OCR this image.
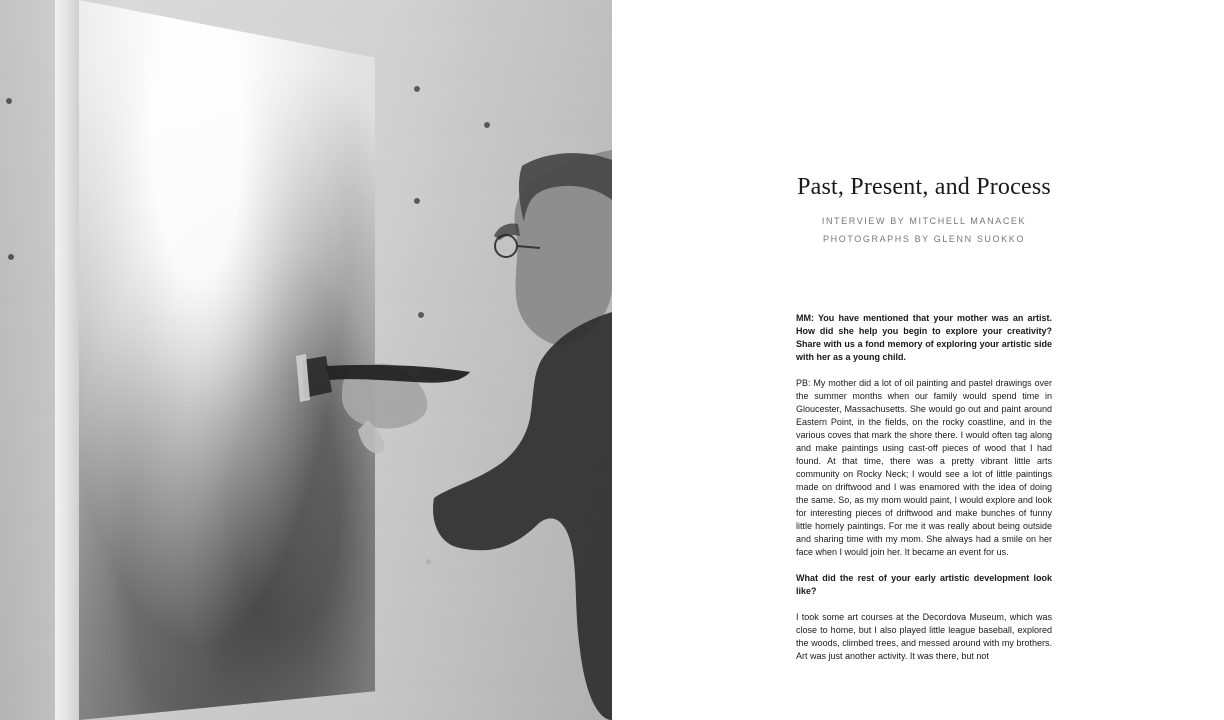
Past, Present, and Process
INTERVIEW BY MITCHELL MANACEK
PHOTOGRAPHS BY GLENN SUOKKO

MM: You have mentioned that your mother was an artist. How did she help you begin to explore your creativity? Share with us a fond memory of exploring your artistic side with her as a young child.

PB: My mother did a lot of oil painting and pastel drawings over the summer months when our family would spend time in Gloucester, Massachusetts. She would go out and paint around Eastern Point, in the fields, on the rocky coastline, and in the various coves that mark the shore there. I would often tag along and make paintings using cast-off pieces of wood that I had found. At that time, there was a pretty vibrant little arts community on Rocky Neck; I would see a lot of little paintings made on driftwood and I was enamored with the idea of doing the same. So, as my mom would paint, I would explore and look for interesting pieces of driftwood and make bunches of funny little homely paintings. For me it was really about being outside and sharing time with my mom. She always had a smile on her face when I would join her. It became an event for us.

What did the rest of your early artistic development look like?

I took some art courses at the Decordova Museum, which was close to home, but I also played little league baseball, explored the woods, climbed trees, and messed around with my brothers. Art was just another activity. It was there, but not
